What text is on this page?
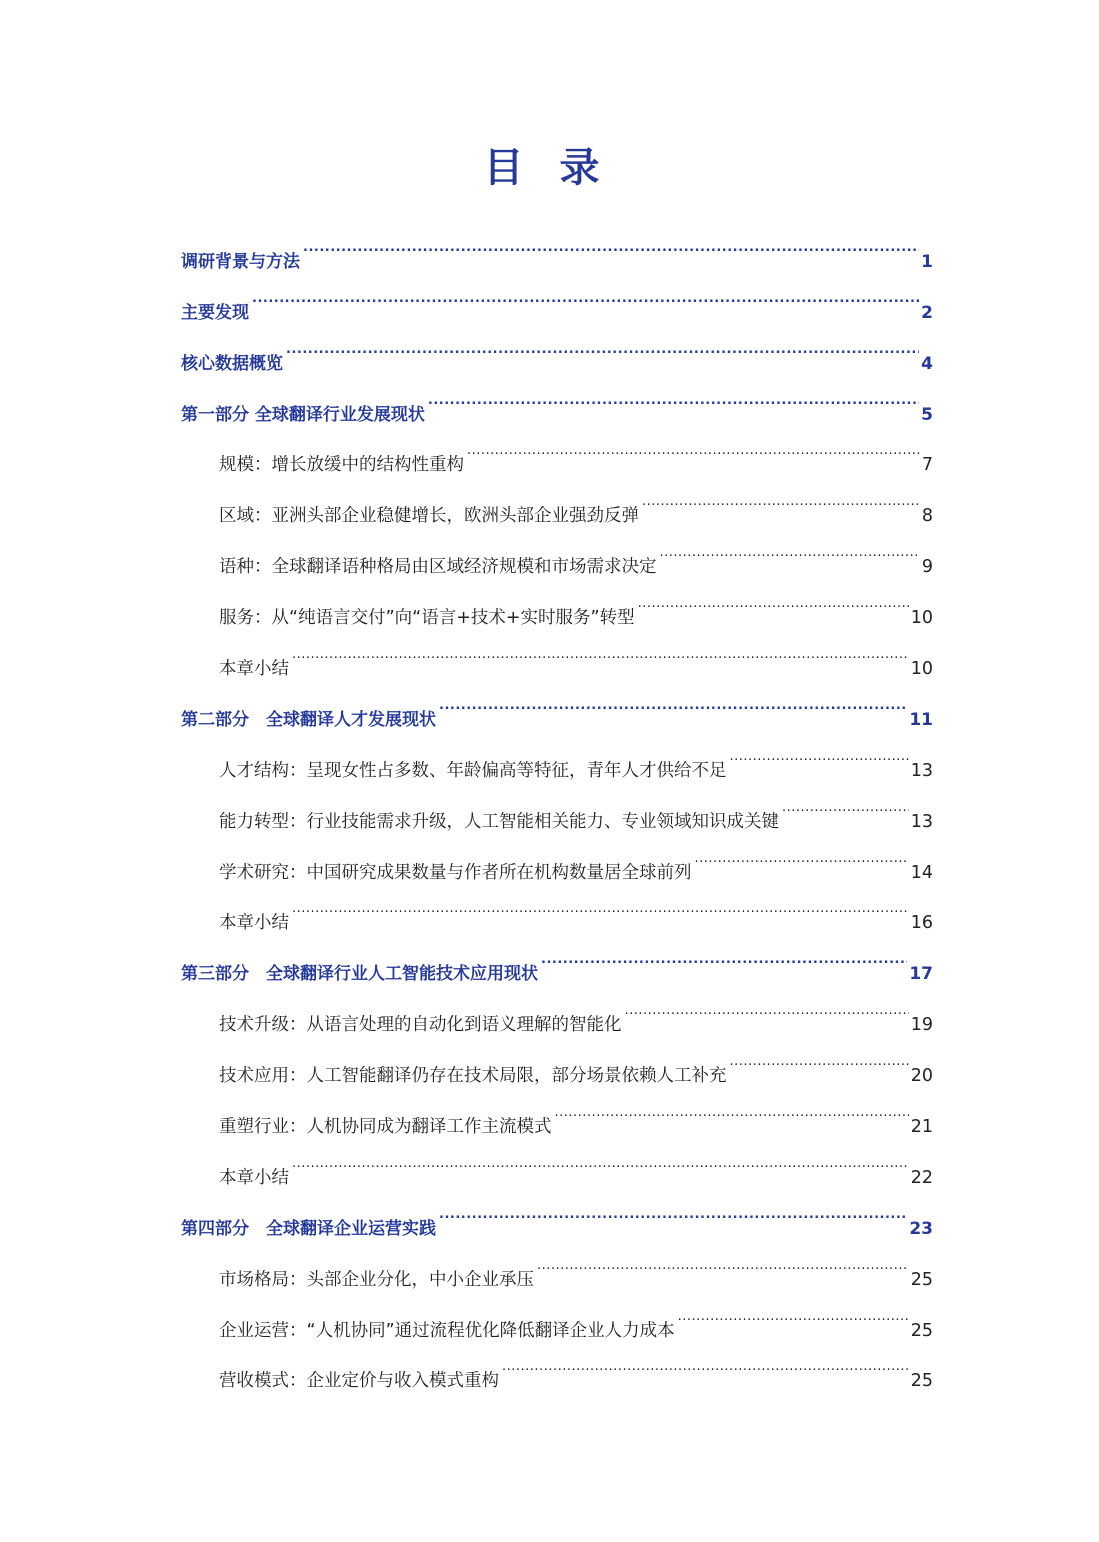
目录
调研背景与方法 .....	1
主要发现 .....	2
核心数据概览 .....	4
第一部分 全球翻译行业发展现状 .....	5
规模：增长放缓中的结构性重构 .....	7
区域：亚洲头部企业稳健增长，欧洲头部企业强劲反弹 .....	8
语种：全球翻译语种格局由区域经济规模和市场需求决定 .....	9
服务：从“纯语言交付”向“语言+技术+实时服务”转型 .....	10
本章小结 .....	10
第二部分　全球翻译人才发展现状 .....	11
人才结构：呈现女性占多数、年龄偏高等特征，青年人才供给不足 .....	13
能力转型：行业技能需求升级，人工智能相关能力、专业领域知识成关键 .....	13
学术研究：中国研究成果数量与作者所在机构数量居全球前列 .....	14
本章小结 .....	16
第三部分　全球翻译行业人工智能技术应用现状 .....	17
技术升级：从语言处理的自动化到语义理解的智能化 .....	19
技术应用：人工智能翻译仍存在技术局限，部分场景依赖人工补充 .....	20
重塑行业：人机协同成为翻译工作主流模式 .....	21
本章小结 .....	22
第四部分　全球翻译企业运营实践 .....	23
市场格局：头部企业分化，中小企业承压 .....	25
企业运营：“人机协同”通过流程优化降低翻译企业人力成本 .....	25
营收模式：企业定价与收入模式重构 .....	25
